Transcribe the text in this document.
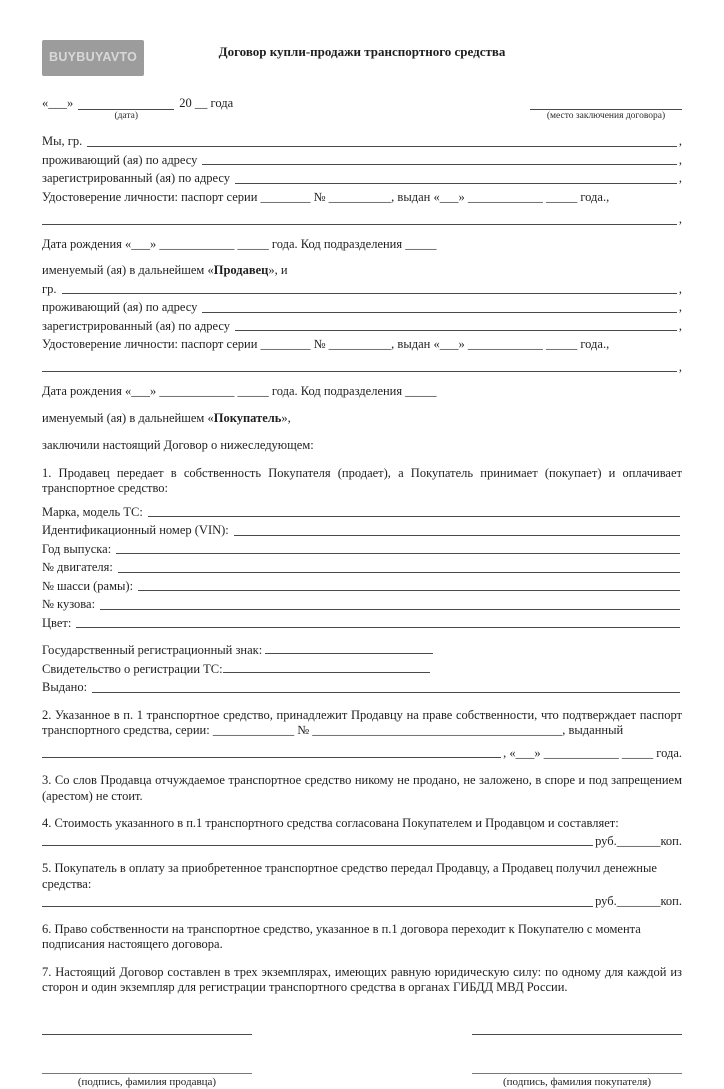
BUYBUYAVTO	Договор купли-продажи транспортного средства
«___»
(дата)
20 __ года
(место заключения договора)
Мы, гр.	,
проживающий (ая) по адресу	,
зарегистрированный (ая) по адресу	,

Удостоверение личности: паспорт серии ________ № __________, выдан «___» ____________ _____ года.,

,

Дата рождения «___» ____________ _____ года. Код подразделения _____

именуемый (ая) в дальнейшем «Продавец», и

гр.	,
проживающий (ая) по адресу	,
зарегистрированный (ая) по адресу	,

Удостоверение личности: паспорт серии ________ № __________, выдан «___» ____________ _____ года.,

,

Дата рождения «___» ____________ _____ года. Код подразделения _____

именуемый (ая) в дальнейшем «Покупатель»,

заключили настоящий Договор о нижеследующем:

1. Продавец передает в собственность Покупателя (продает), а Покупатель принимает (покупает) и оплачивает транспортное средство:

Марка, модель ТС:
Идентификационный номер (VIN):
Год выпуска:
№ двигателя:
№ шасси (рамы):
№ кузова:
Цвет:

Государственный регистрационный знак:

Свидетельство о регистрации ТС:

Выдано:

2. Указанное в п. 1 транспортное средство, принадлежит Продавцу на праве собственности, что подтверждает паспорт транспортного средства, серии: _____________ № ________________________________________, выданный

, «___» ____________ _____ года.

3. Со слов Продавца отчуждаемое транспортное средство никому не продано, не заложено, в споре и под запрещением (арестом) не стоит.

4. Стоимость указанного в п.1 транспортного средства согласована Покупателем и Продавцом и составляет:

руб._______коп.

5. Покупатель в оплату за приобретенное транспортное средство передал Продавцу, а Продавец получил денежные средства:

руб._______коп.

6. Право собственности на транспортное средство, указанное в п.1 договора переходит к Покупателю с момента подписания настоящего договора.

7. Настоящий Договор составлен в трех экземплярах, имеющих равную юридическую силу: по одному для каждой из сторон и один экземпляр для регистрации транспортного средства в органах ГИБДД МВД России.

(подпись, фамилия продавца)	(подпись, фамилия покупателя)
